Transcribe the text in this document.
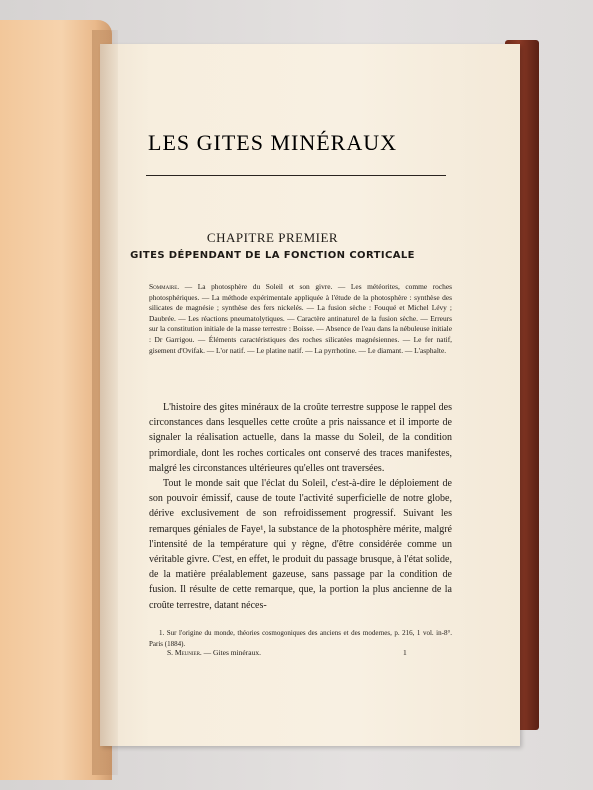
LES GITES MINÉRAUX
CHAPITRE PREMIER
GITES DÉPENDANT DE LA FONCTION CORTICALE
Sommaire. — La photosphère du Soleil et son givre. — Les météorites, comme roches photosphériques. — La méthode expérimentale appliquée à l'étude de la photosphère : synthèse des silicates de magnésie ; synthèse des fers nickelés. — La fusion sèche : Fouqué et Michel Lévy ; Daubrée. — Les réactions pneumatolytiques. — Caractère antinaturel de la fusion sèche. — Erreurs sur la constitution initiale de la masse terrestre : Boisse. — Absence de l'eau dans la nébuleuse initiale : Dr Garrigou. — Éléments caractéristiques des roches silicatées magnésiennes. — Le fer natif, gisement d'Ovifak. — L'or natif. — Le platine natif. — La pyrrhotine. — Le diamant. — L'asphalte.

L'histoire des gites minéraux de la croûte terrestre suppose le rappel des circonstances dans lesquelles cette croûte a pris naissance et il importe de signaler la réalisation actuelle, dans la masse du Soleil, de la condition primordiale, dont les roches corticales ont conservé des traces manifestes, malgré les circonstances ultérieures qu'elles ont traversées.

Tout le monde sait que l'éclat du Soleil, c'est-à-dire le déploiement de son pouvoir émissif, cause de toute l'activité superficielle de notre globe, dérive exclusivement de son refroidissement progressif. Suivant les remarques géniales de Faye¹, la substance de la photosphère mérite, malgré l'intensité de la température qui y règne, d'être considérée comme un véritable givre. C'est, en effet, le produit du passage brusque, à l'état solide, de la matière préalablement gazeuse, sans passage par la condition de fusion. Il résulte de cette remarque, que, la portion la plus ancienne de la croûte terrestre, datant néces-

1. Sur l'origine du monde, théories cosmogoniques des anciens et des modernes, p. 216, 1 vol. in-8°. Paris (1884).
S. Meunier. — Gites minéraux.	1
